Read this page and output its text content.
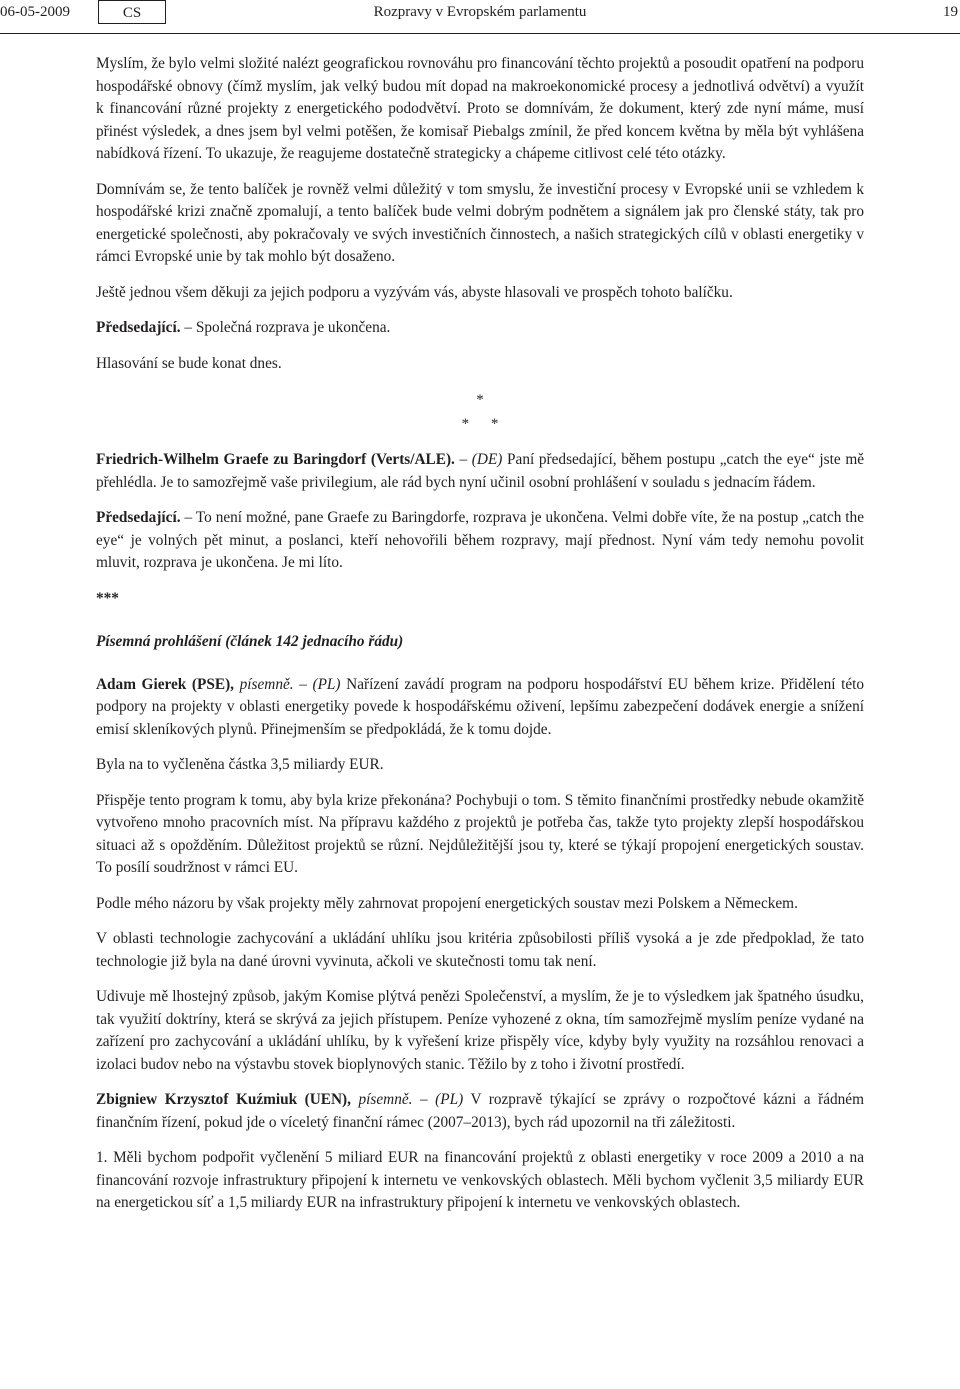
06-05-2009	CS	Rozpravy v Evropském parlamentu	19

Myslím, že bylo velmi složité nalézt geografickou rovnováhu pro financování těchto projektů a posoudit opatření na podporu hospodářské obnovy (čímž myslím, jak velký budou mít dopad na makroekonomické procesy a jednotlivá odvětví) a využít k financování různé projekty z energetického pododvětví. Proto se domnívám, že dokument, který zde nyní máme, musí přinést výsledek, a dnes jsem byl velmi potěšen, že komisař Piebalgs zmínil, že před koncem května by měla být vyhlášena nabídková řízení. To ukazuje, že reagujeme dostatečně strategicky a chápeme citlivost celé této otázky.

Domnívám se, že tento balíček je rovněž velmi důležitý v tom smyslu, že investiční procesy v Evropské unii se vzhledem k hospodářské krizi značně zpomalují, a tento balíček bude velmi dobrým podnětem a signálem jak pro členské státy, tak pro energetické společnosti, aby pokračovaly ve svých investičních činnostech, a našich strategických cílů v oblasti energetiky v rámci Evropské unie by tak mohlo být dosaženo.

Ještě jednou všem děkuji za jejich podporu a vyzývám vás, abyste hlasovali ve prospěch tohoto balíčku.

Předsedající. – Společná rozprava je ukončena.

Hlasování se bude konat dnes.

*
* *

Friedrich-Wilhelm Graefe zu Baringdorf (Verts/ALE). – (DE) Paní předsedající, během postupu „catch the eye“ jste mě přehlédla. Je to samozřejmě vaše privilegium, ale rád bych nyní učinil osobní prohlášení v souladu s jednacím řádem.

Předsedající. – To není možné, pane Graefe zu Baringdorfe, rozprava je ukončena. Velmi dobře víte, že na postup „catch the eye“ je volných pět minut, a poslanci, kteří nehovořili během rozpravy, mají přednost. Nyní vám tedy nemohu povolit mluvit, rozprava je ukončena. Je mi líto.

***

Písemná prohlášení (článek 142 jednacího řádu)

Adam Gierek (PSE), písemně. – (PL) Nařízení zavádí program na podporu hospodářství EU během krize. Přidělení této podpory na projekty v oblasti energetiky povede k hospodářskému oživení, lepšímu zabezpečení dodávek energie a snížení emisí skleníkových plynů. Přinejmenším se předpokládá, že k tomu dojde.

Byla na to vyčleněna částka 3,5 miliardy EUR.

Přispěje tento program k tomu, aby byla krize překonána? Pochybuji o tom. S těmito finančními prostředky nebude okamžitě vytvořeno mnoho pracovních míst. Na přípravu každého z projektů je potřeba čas, takže tyto projekty zlepší hospodářskou situaci až s opožděním. Důležitost projektů se různí. Nejdůležitější jsou ty, které se týkají propojení energetických soustav. To posílí soudržnost v rámci EU.

Podle mého názoru by však projekty měly zahrnovat propojení energetických soustav mezi Polskem a Německem.

V oblasti technologie zachycování a ukládání uhlíku jsou kritéria způsobilosti příliš vysoká a je zde předpoklad, že tato technologie již byla na dané úrovni vyvinuta, ačkoli ve skutečnosti tomu tak není.

Udivuje mě lhostejný způsob, jakým Komise plýtvá penězi Společenství, a myslím, že je to výsledkem jak špatného úsudku, tak využití doktríny, která se skrývá za jejich přístupem. Peníze vyhozené z okna, tím samozřejmě myslím peníze vydané na zařízení pro zachycování a ukládání uhlíku, by k vyřešení krize přispěly více, kdyby byly využity na rozsáhlou renovaci a izolaci budov nebo na výstavbu stovek bioplynových stanic. Těžilo by z toho i životní prostředí.

Zbigniew Krzysztof Kuźmiuk (UEN), písemně. – (PL) V rozpravě týkající se zprávy o rozpočtové kázni a řádném finančním řízení, pokud jde o víceletý finanční rámec (2007–2013), bych rád upozornil na tři záležitosti.

1. Měli bychom podpořit vyčlenění 5 miliard EUR na financování projektů z oblasti energetiky v roce 2009 a 2010 a na financování rozvoje infrastruktury připojení k internetu ve venkovských oblastech. Měli bychom vyčlenit 3,5 miliardy EUR na energetickou síť a 1,5 miliardy EUR na infrastruktury připojení k internetu ve venkovských oblastech.
